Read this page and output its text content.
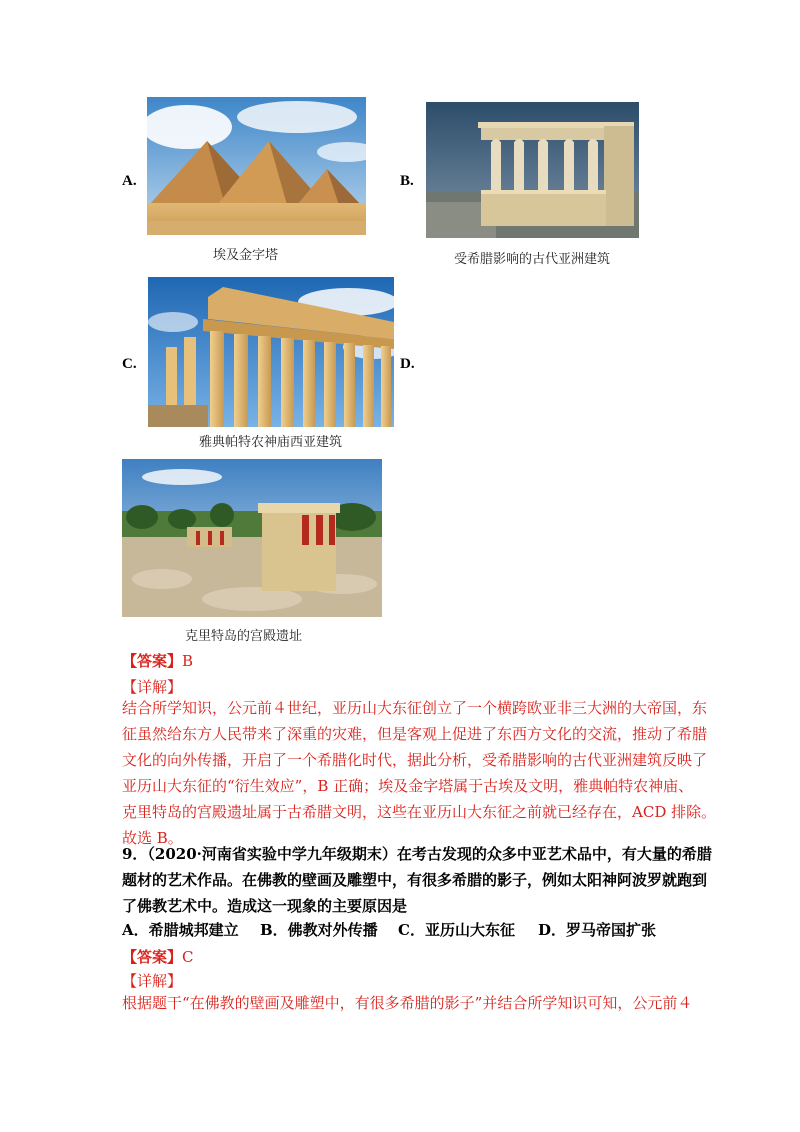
A.
埃及金字塔
B.
受希腊影响的古代亚洲建筑
C.	D.
雅典帕特农神庙西亚建筑
克里特岛的宫殿遗址
【答案】B
【详解】
结合所学知识，公元前４世纪，亚历山大东征创立了一个横跨欧亚非三大洲的大帝国，东
征虽然给东方人民带来了深重的灾难，但是客观上促进了东西方文化的交流，推动了希腊
文化的向外传播，开启了一个希腊化时代，据此分析，受希腊影响的古代亚洲建筑反映了
亚历山大东征的“衍生效应”，B 正确；埃及金字塔属于古埃及文明，雅典帕特农神庙、
克里特岛的宫殿遗址属于古希腊文明，这些在亚历山大东征之前就已经存在，ACD 排除。
故选 B。
9．（2020·河南省实验中学九年级期末）在考古发现的众多中亚艺术品中，有大量的希腊
题材的艺术作品。在佛教的壁画及雕塑中，有很多希腊的影子，例如太阳神阿波罗就跑到
了佛教艺术中。造成这一现象的主要原因是
A．希腊城邦建立 B．佛教对外传播 C．亚历山大东征 D．罗马帝国扩张
【答案】C
【详解】
根据题干“在佛教的壁画及雕塑中，有很多希腊的影子”并结合所学知识可知，公元前４
